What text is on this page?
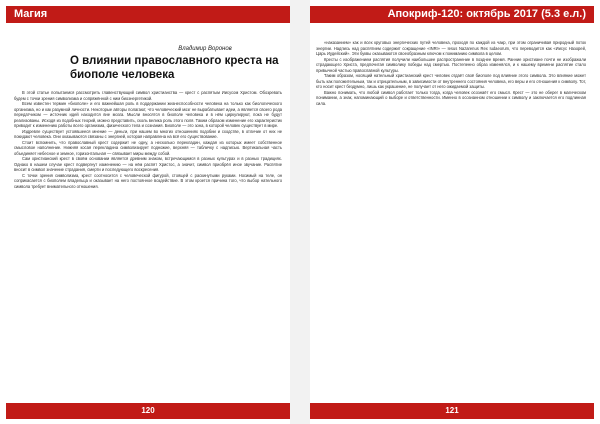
Магия
Владимир Воронов
О влиянии православного креста на биополе человека

В этой статье попытаемся рассмотреть главенствующий символ христианства — крест с распятым Иисусом Христом. Обозревать будем с точки зрения символизма и сопряжённой с ним биоэнергетикой.

Всем известен термин «биополе» и его важнейшая роль в поддержании жизнеспособности человека на только как биологического организма, но и как разумной личности. Некоторые авторы полагают, что человеческий мозг не вырабатывает идеи, а является своего рода передатчиком — источник идей находится вне мозга. Мысли вносятся в биополе человека и в нём циркулируют, пока не будут реализованы. Исходя из подобных теорий, можно представить, сколь велика роль этого поля. Таким образом изменение его характеристик приводит к изменению работы всего организма, физического тела и сознания. Биополе — это зона, в которой человек существует в мире.

Издревле существует устоявшееся мнение — деньги, при нашем во многих отношениях подобии и сходстве, в отличие от них не покидают человека. Они оказываются связаны с энергией, которая направлена на всё его существование.

Стоит вспомнить, что православный крест содержит не одну, а несколько перекладин, каждая из которых имеет собственное смысловое наполнение. Нижняя косая перекладина символизирует подножие, верхняя — табличку с надписью. Вертикальная часть объединяет небесное и земное, горизонтальная — связывает миры между собой.

Сам христианский крест в своём основании является древним знаком, встречающимся в разных культурах и в разных традициях. Однако в нашем случае крест подвергнут изменению — на нём распят Христос, а значит, символ приобрёл иное звучание. Распятие вносит в символ значение страдания, смерти и последующего воскресения.

С точки зрения символизма, крест соотносится с человеческой фигурой, стоящей с раскинутыми руками. Носимый на теле, он соприкасается с биополем владельца и оказывает на него постоянное воздействие. В этом кроется причина того, что выбор нательного символа требует внимательного отношения.

120
Апокриф-120: октябрь 2017 (5.3 е.л.)

«наказанием» как и всех круговых энергических путей человека, проходя по каждой из чакр, при этом ограничивая природный поток энергии. Надпись над распятием содержит сокращение «INRI» — Iesus Nazarenus Rex Iudaeorum, что переводится как «Иисус Назорей, Царь Иудейский». Эти буквы оказываются своеобразным ключом к пониманию символа в целом.

Кресты с изображением распятия получили наибольшее распространение в позднее время. Ранние христиане почти не изображали страдающего Христа, предпочитая символику победы над смертью. Постепенно образ изменялся, и к нашему времени распятие стало привычной частью православной культуры.

Таким образом, носящий нательный христианский крест человек отдаёт своё биополе под влияние этого символа. Это влияние может быть как положительным, так и отрицательным, в зависимости от внутреннего состояния человека, его веры и его отношения к символу. Тот, кто носит крест бездумно, лишь как украшение, не получает от него ожидаемой защиты.

Важно понимать, что любой символ работает только тогда, когда человек осознаёт его смысл. Крест — это не оберег в магическом понимании, а знак, напоминающий о выборе и ответственности. Именно в осознанном отношении к символу и заключается его подлинная сила.

121
